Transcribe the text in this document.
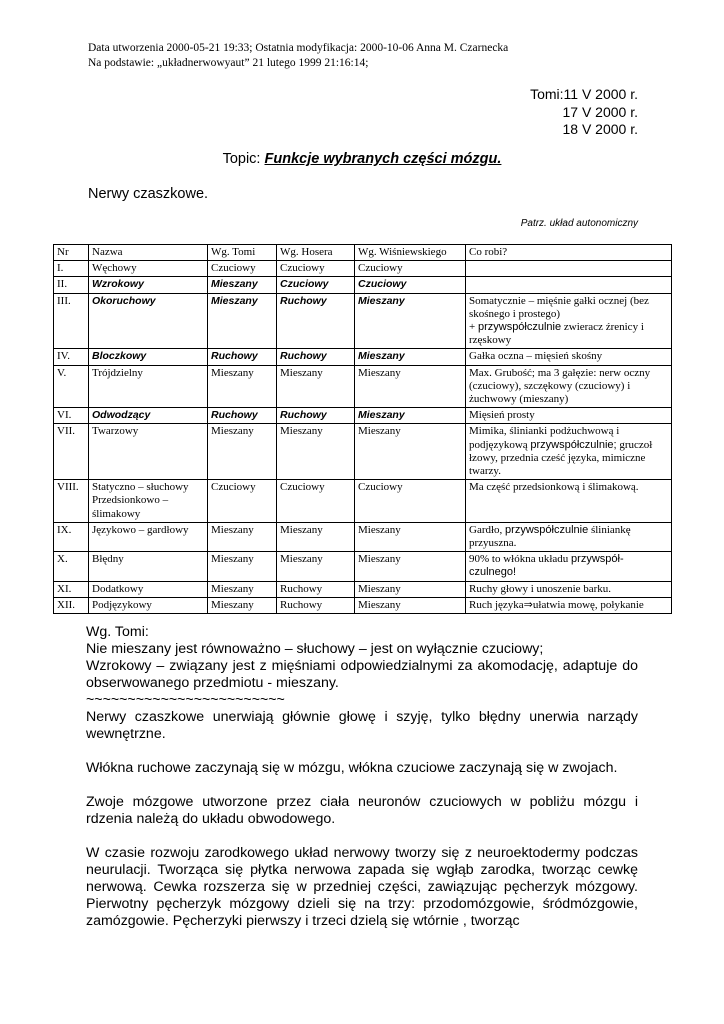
Data utworzenia 2000-05-21 19:33; Ostatnia modyfikacja: 2000-10-06 Anna M. Czarnecka
Na podstawie: „układnerwowyaut” 21 lutego 1999 21:16:14;
Tomi:11 V 2000 r.
17 V 2000 r.
18 V 2000 r.
Topic: Funkcje wybranych części mózgu.
Nerwy czaszkowe.
Patrz. układ autonomiczny
Nr	Nazwa	Wg. Tomi	Wg. Hosera	Wg. Wiśniewskiego	Co robi?
I.	Węchowy	Czuciowy	Czuciowy	Czuciowy	
II.	Wzrokowy	Mieszany	Czuciowy	Czuciowy	
III.	Okoruchowy	Mieszany	Ruchowy	Mieszany	Somatycznie – mięśnie gałki ocznej (bez skośnego i prostego)
+ przywspółczulnie zwieracz źrenicy i rzęskowy
IV.	Bloczkowy	Ruchowy	Ruchowy	Mieszany	Gałka oczna – mięsień skośny
V.	Trójdzielny	Mieszany	Mieszany	Mieszany	Max. Grubość; ma 3 gałęzie: nerw oczny (czuciowy), szczękowy (czuciowy) i żuchwowy (mieszany)
VI.	Odwodzący	Ruchowy	Ruchowy	Mieszany	Mięsień prosty
VII.	Twarzowy	Mieszany	Mieszany	Mieszany	Mimika, ślinianki podżuchwową i podjęzykową przywspółczulnie; gruczoł łzowy, przednia cześć języka, mimiczne twarzy.
VIII.	Statyczno – słuchowy Przedsionkowo – ślimakowy	Czuciowy	Czuciowy	Czuciowy	Ma część przedsionkową i ślimakową.
IX.	Językowo – gardłowy	Mieszany	Mieszany	Mieszany	Gardło, przywspółczulnie śliniankę przyuszna.
X.	Błędny	Mieszany	Mieszany	Mieszany	90% to włókna układu przywspół-czulnego!
XI.	Dodatkowy	Mieszany	Ruchowy	Mieszany	Ruchy głowy i unoszenie barku.
XII.	Podjęzykowy	Mieszany	Ruchowy	Mieszany	Ruch języka⇒ułatwia mowę, połykanie

Wg. Tomi:

Nie mieszany jest równoważno – słuchowy – jest on wyłącznie czuciowy;

Wzrokowy – związany jest z mięśniami odpowiedzialnymi za akomodację, adaptuje do obserwowanego przedmiotu - mieszany.

~~~~~~~~~~~~~~~~~~~~~~~~

Nerwy czaszkowe unerwiają głównie głowę i szyję, tylko błędny unerwia narządy wewnętrzne.

Włókna ruchowe zaczynają się w mózgu, włókna czuciowe zaczynają się w zwojach.

Zwoje mózgowe utworzone przez ciała neuronów czuciowych w pobliżu mózgu i rdzenia należą do układu obwodowego.

W czasie rozwoju zarodkowego układ nerwowy tworzy się z neuroektodermy podczas neurulacji. Tworząca się płytka nerwowa zapada się wgłąb zarodka, tworząc cewkę nerwową. Cewka rozszerza się w przedniej części, zawiązując pęcherzyk mózgowy. Pierwotny pęcherzyk mózgowy dzieli się na trzy: przodomózgowie, śródmózgowie, zamózgowie. Pęcherzyki pierwszy i trzeci dzielą się wtórnie , tworząc
